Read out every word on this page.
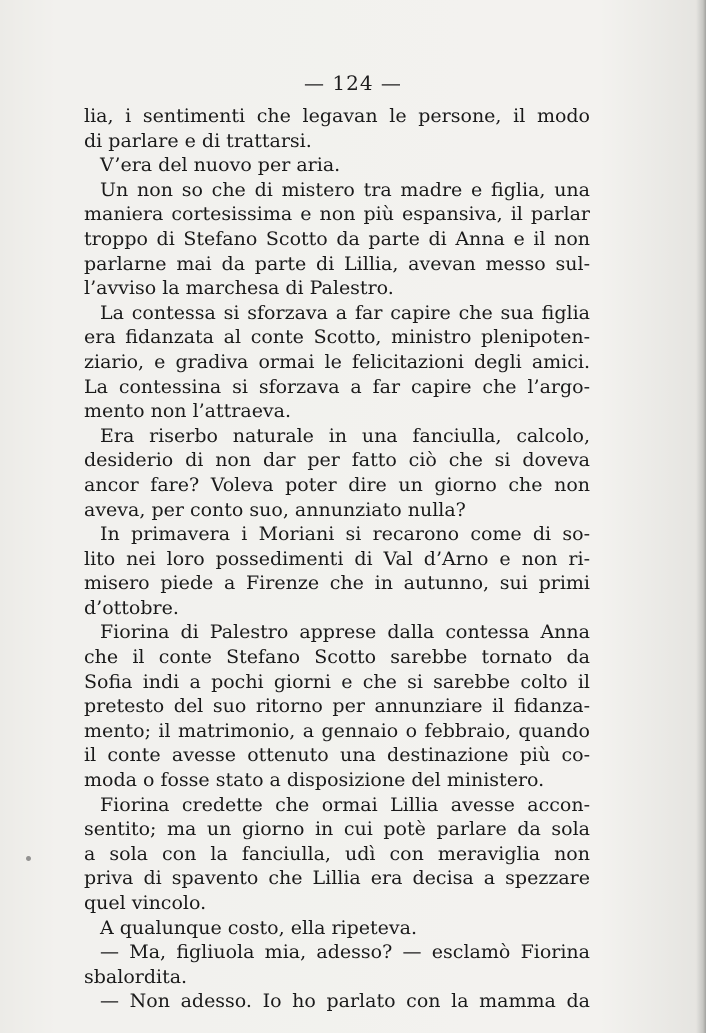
— 124 —
lia, i sentimenti che legavan le persone, il modo
di parlare e di trattarsi.
V’era del nuovo per aria.
Un non so che di mistero tra madre e figlia, una
maniera cortesissima e non più espansiva, il parlar
troppo di Stefano Scotto da parte di Anna e il non
parlarne mai da parte di Lillia, avevan messo sul-
l’avviso la marchesa di Palestro.
La contessa si sforzava a far capire che sua figlia
era fidanzata al conte Scotto, ministro plenipoten-
ziario, e gradiva ormai le felicitazioni degli amici.
La contessina si sforzava a far capire che l’argo-
mento non l’attraeva.
Era riserbo naturale in una fanciulla, calcolo,
desiderio di non dar per fatto ciò che si doveva
ancor fare? Voleva poter dire un giorno che non
aveva, per conto suo, annunziato nulla?
In primavera i Moriani si recarono come di so-
lito nei loro possedimenti di Val d’Arno e non ri-
misero piede a Firenze che in autunno, sui primi
d’ottobre.
Fiorina di Palestro apprese dalla contessa Anna
che il conte Stefano Scotto sarebbe tornato da
Sofia indi a pochi giorni e che si sarebbe colto il
pretesto del suo ritorno per annunziare il fidanza-
mento; il matrimonio, a gennaio o febbraio, quando
il conte avesse ottenuto una destinazione più co-
moda o fosse stato a disposizione del ministero.
Fiorina credette che ormai Lillia avesse accon-
sentito; ma un giorno in cui potè parlare da sola
a sola con la fanciulla, udì con meraviglia non
priva di spavento che Lillia era decisa a spezzare
quel vincolo.
A qualunque costo, ella ripeteva.
— Ma, figliuola mia, adesso? — esclamò Fiorina
sbalordita.
— Non adesso. Io ho parlato con la mamma da
